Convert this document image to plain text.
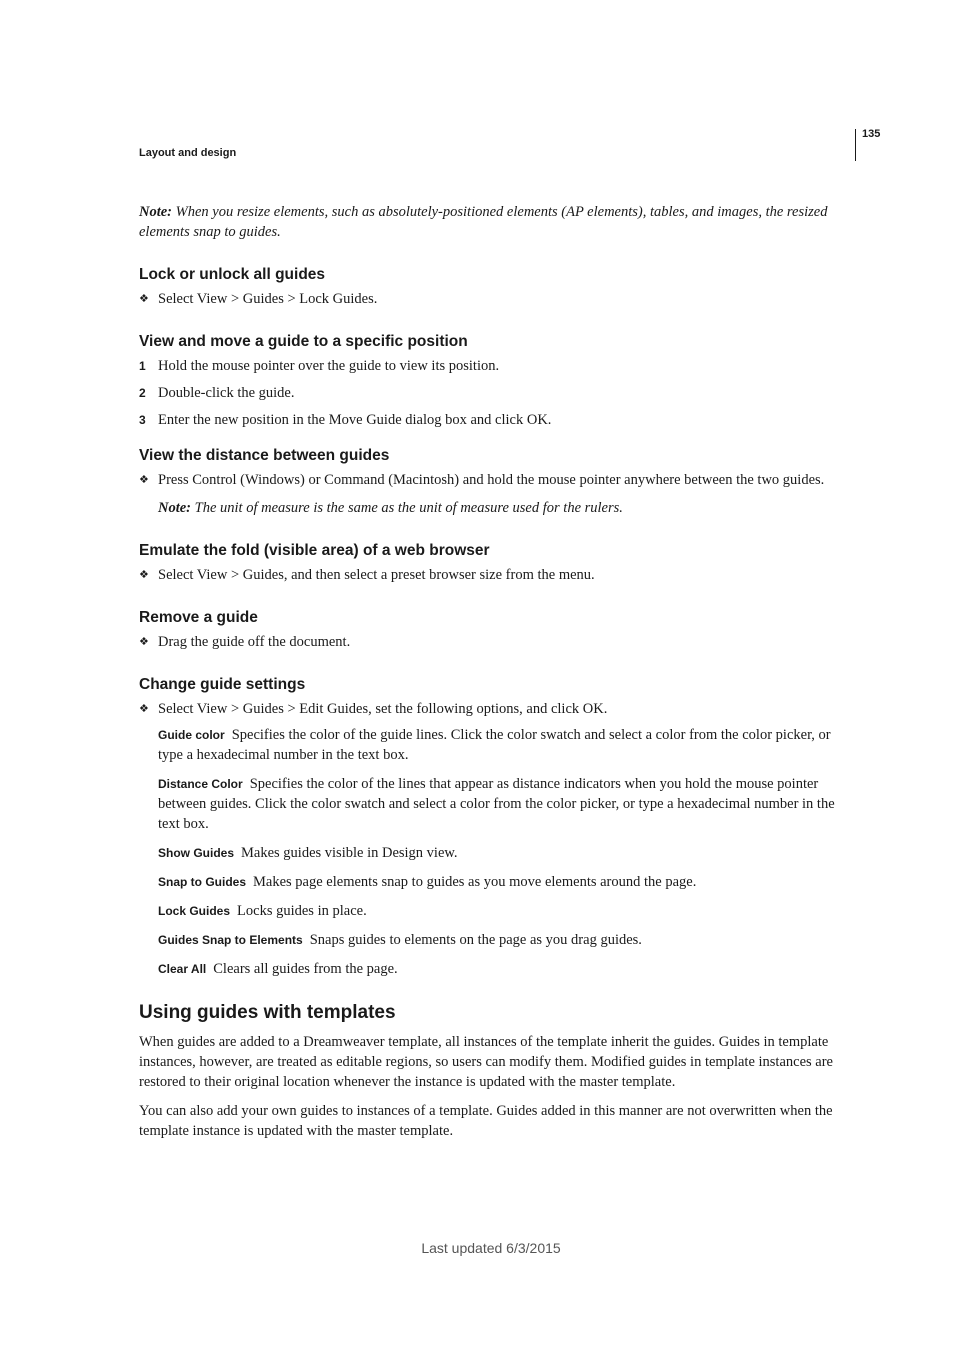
135
Layout and design

Note: When you resize elements, such as absolutely-positioned elements (AP elements), tables, and images, the resized elements snap to guides.

Lock or unlock all guides

❖ Select View > Guides > Lock Guides.

View and move a guide to a specific position

1 Hold the mouse pointer over the guide to view its position.

2 Double-click the guide.

3 Enter the new position in the Move Guide dialog box and click OK.

View the distance between guides

❖ Press Control (Windows) or Command (Macintosh) and hold the mouse pointer anywhere between the two guides.

Note: The unit of measure is the same as the unit of measure used for the rulers.

Emulate the fold (visible area) of a web browser

❖ Select View > Guides, and then select a preset browser size from the menu.

Remove a guide

❖ Drag the guide off the document.

Change guide settings

❖ Select View > Guides > Edit Guides, set the following options, and click OK.

Guide color Specifies the color of the guide lines. Click the color swatch and select a color from the color picker, or type a hexadecimal number in the text box.

Distance Color Specifies the color of the lines that appear as distance indicators when you hold the mouse pointer between guides. Click the color swatch and select a color from the color picker, or type a hexadecimal number in the text box.

Show Guides Makes guides visible in Design view.

Snap to Guides Makes page elements snap to guides as you move elements around the page.

Lock Guides Locks guides in place.

Guides Snap to Elements Snaps guides to elements on the page as you drag guides.

Clear All Clears all guides from the page.

Using guides with templates

When guides are added to a Dreamweaver template, all instances of the template inherit the guides. Guides in template instances, however, are treated as editable regions, so users can modify them. Modified guides in template instances are restored to their original location whenever the instance is updated with the master template.

You can also add your own guides to instances of a template. Guides added in this manner are not overwritten when the template instance is updated with the master template.

Last updated 6/3/2015
